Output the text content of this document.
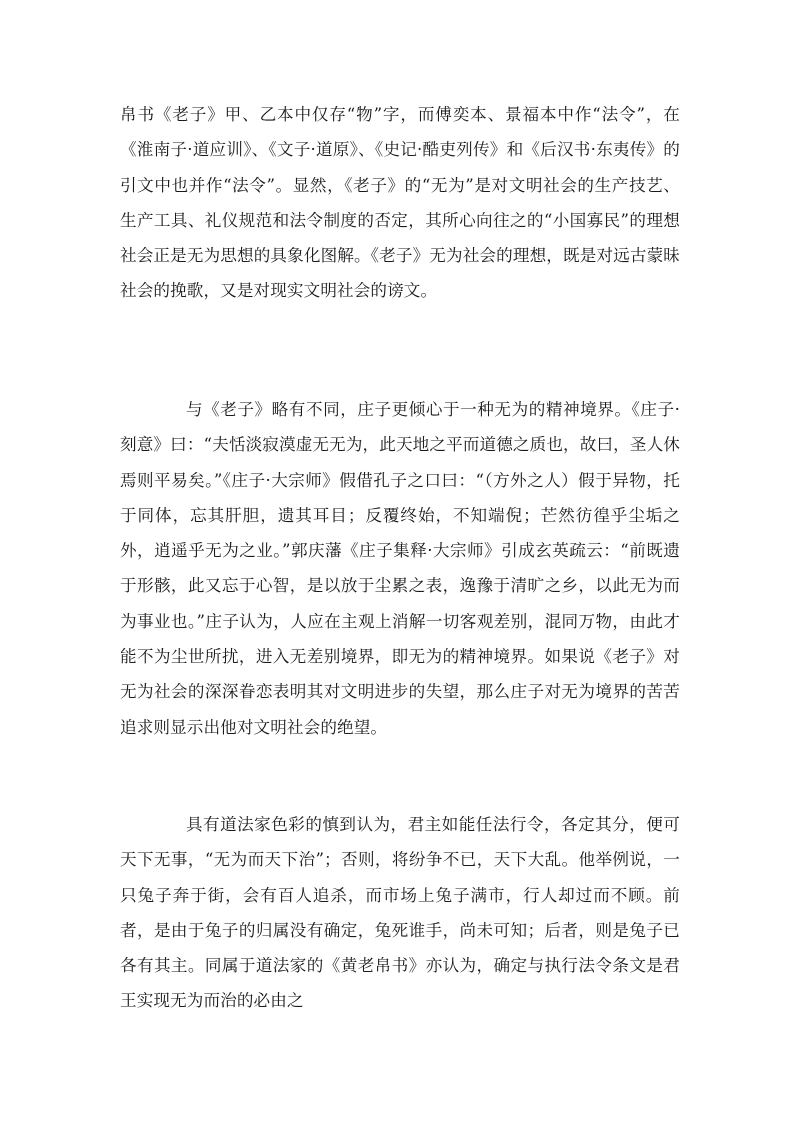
帛书《老子》甲、乙本中仅存“物”字，而傅奕本、景福本中作“法令”，在《淮南子·道应训》、《文子·道原》、《史记·酷吏列传》和《后汉书·东夷传》的引文中也并作“法令”。显然，《老子》的“无为”是对文明社会的生产技艺、生产工具、礼仪规范和法令制度的否定，其所心向往之的“小国寡民”的理想社会正是无为思想的具象化图解。《老子》无为社会的理想，既是对远古蒙昧社会的挽歌，又是对现实文明社会的谤文。

与《老子》略有不同，庄子更倾心于一种无为的精神境界。《庄子·刻意》曰：“夫恬淡寂漠虚无无为，此天地之平而道德之质也，故曰，圣人休焉则平易矣。”《庄子·大宗师》假借孔子之口曰：“（方外之人）假于异物，托于同体，忘其肝胆，遗其耳目；反覆终始，不知端倪；芒然彷徨乎尘垢之外，逍遥乎无为之业。”郭庆藩《庄子集释·大宗师》引成玄英疏云：“前既遗于形骸，此又忘于心智，是以放于尘累之表，逸豫于清旷之乡，以此无为而为事业也。”庄子认为，人应在主观上消解一切客观差别，混同万物，由此才能不为尘世所扰，进入无差别境界，即无为的精神境界。如果说《老子》对无为社会的深深眷恋表明其对文明进步的失望，那么庄子对无为境界的苦苦追求则显示出他对文明社会的绝望。

具有道法家色彩的慎到认为，君主如能任法行令，各定其分，便可天下无事，“无为而天下治”；否则，将纷争不已，天下大乱。他举例说，一只兔子奔于街，会有百人追杀，而市场上兔子满市，行人却过而不顾。前者，是由于兔子的归属没有确定，兔死谁手，尚未可知；后者，则是兔子已各有其主。同属于道法家的《黄老帛书》亦认为，确定与执行法令条文是君王实现无为而治的必由之
